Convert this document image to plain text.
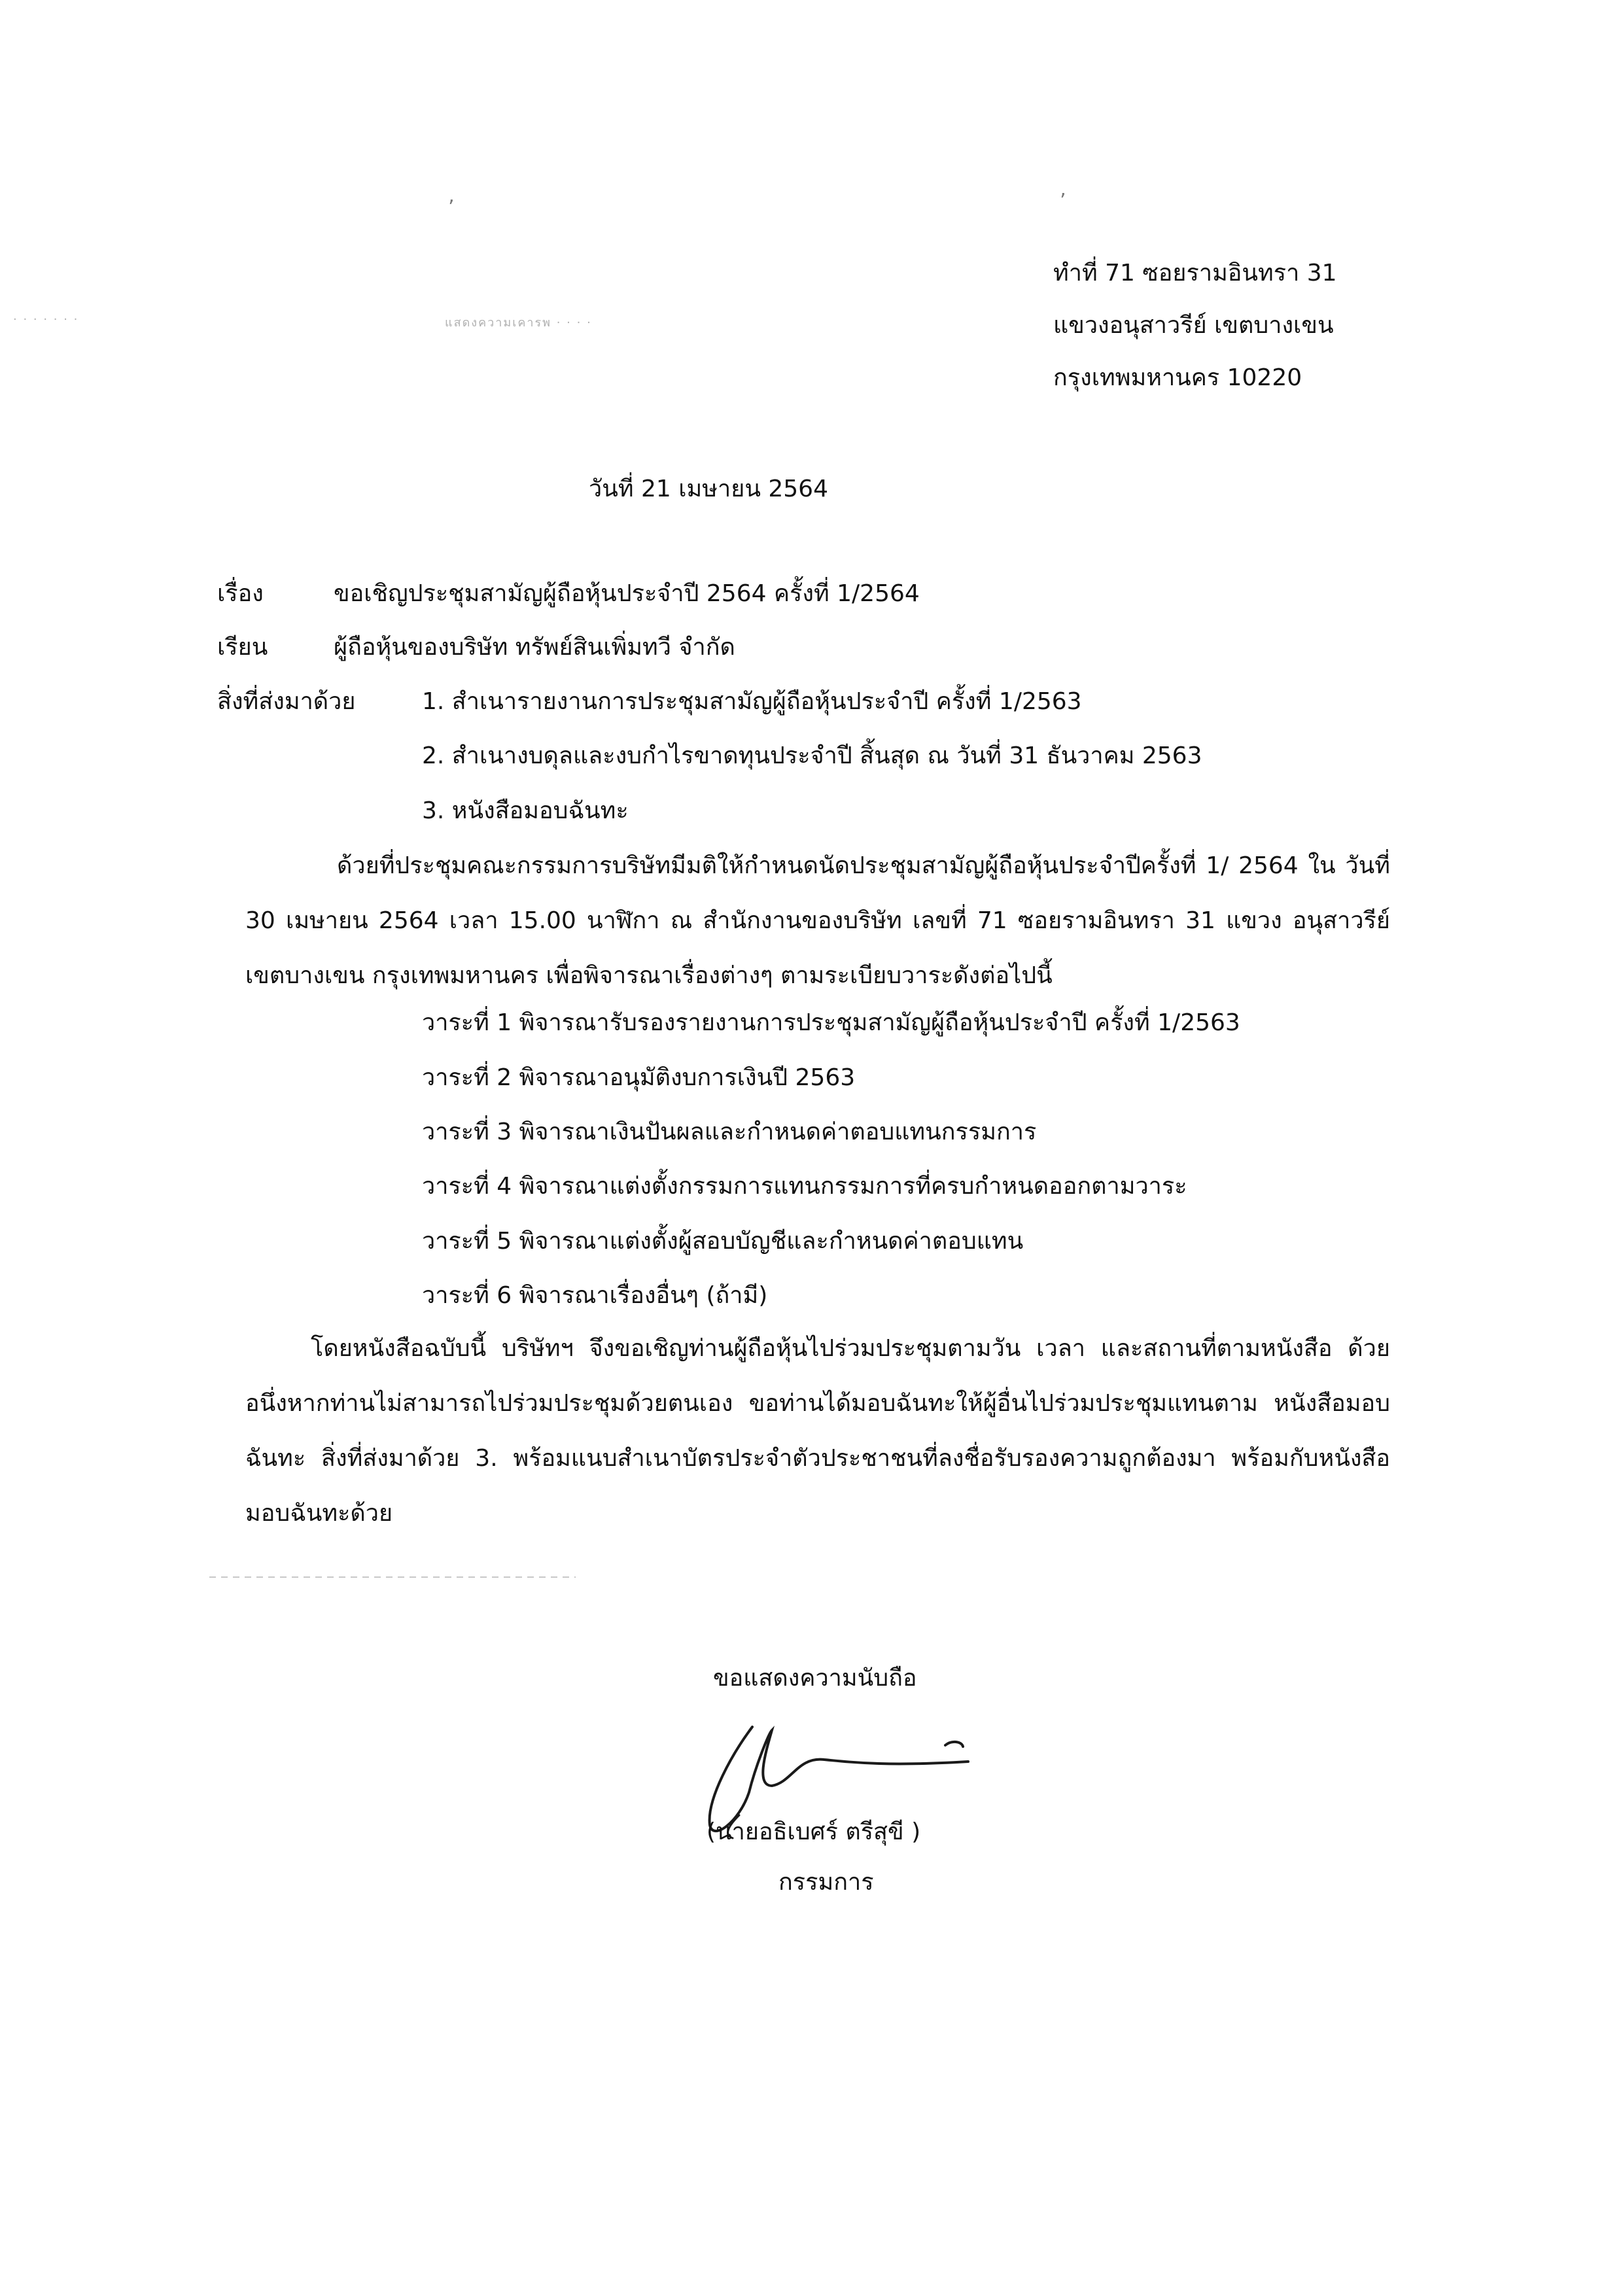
ʼ	ʼ
· · · · · · ·	แสดงความเคารพ · · · ·
ทำที่ 71 ซอยรามอินทรา 31
แขวงอนุสาวรีย์ เขตบางเขน
กรุงเทพมหานคร 10220
วันที่ 21 เมษายน 2564
เรื่อง	ขอเชิญประชุมสามัญผู้ถือหุ้นประจำปี 2564 ครั้งที่ 1/2564
เรียน	ผู้ถือหุ้นของบริษัท ทรัพย์สินเพิ่มทวี จำกัด
สิ่งที่ส่งมาด้วย	1. สำเนารายงานการประชุมสามัญผู้ถือหุ้นประจำปี ครั้งที่ 1/2563
2. สำเนางบดุลและงบกำไรขาดทุนประจำปี สิ้นสุด ณ วันที่ 31 ธันวาคม 2563
3. หนังสือมอบฉันทะ
ด้วยที่ประชุมคณะกรรมการบริษัทมีมติให้กำหนดนัดประชุมสามัญผู้ถือหุ้นประจำปีครั้งที่ 1/ 2564 ใน วันที่ 30 เมษายน 2564 เวลา 15.00 นาฬิกา ณ สำนักงานของบริษัท เลขที่ 71 ซอยรามอินทรา 31 แขวง อนุสาวรีย์ เขตบางเขน กรุงเทพมหานคร เพื่อพิจารณาเรื่องต่างๆ ตามระเบียบวาระดังต่อไปนี้
วาระที่ 1 พิจารณารับรองรายงานการประชุมสามัญผู้ถือหุ้นประจำปี ครั้งที่ 1/2563
วาระที่ 2 พิจารณาอนุมัติงบการเงินปี 2563
วาระที่ 3 พิจารณาเงินปันผลและกำหนดค่าตอบแทนกรรมการ
วาระที่ 4 พิจารณาแต่งตั้งกรรมการแทนกรรมการที่ครบกำหนดออกตามวาระ
วาระที่ 5 พิจารณาแต่งตั้งผู้สอบบัญชีและกำหนดค่าตอบแทน
วาระที่ 6 พิจารณาเรื่องอื่นๆ (ถ้ามี)
โดยหนังสือฉบับนี้ บริษัทฯ จึงขอเชิญท่านผู้ถือหุ้นไปร่วมประชุมตามวัน เวลา และสถานที่ตามหนังสือ ด้วย อนึ่งหากท่านไม่สามารถไปร่วมประชุมด้วยตนเอง ขอท่านได้มอบฉันทะให้ผู้อื่นไปร่วมประชุมแทนตาม หนังสือมอบฉันทะ สิ่งที่ส่งมาด้วย 3. พร้อมแนบสำเนาบัตรประจำตัวประชาชนที่ลงชื่อรับรองความถูกต้องมา พร้อมกับหนังสือมอบฉันทะด้วย
ขอแสดงความนับถือ
(นายอธิเบศร์ ตรีสุขี )
กรรมการ
